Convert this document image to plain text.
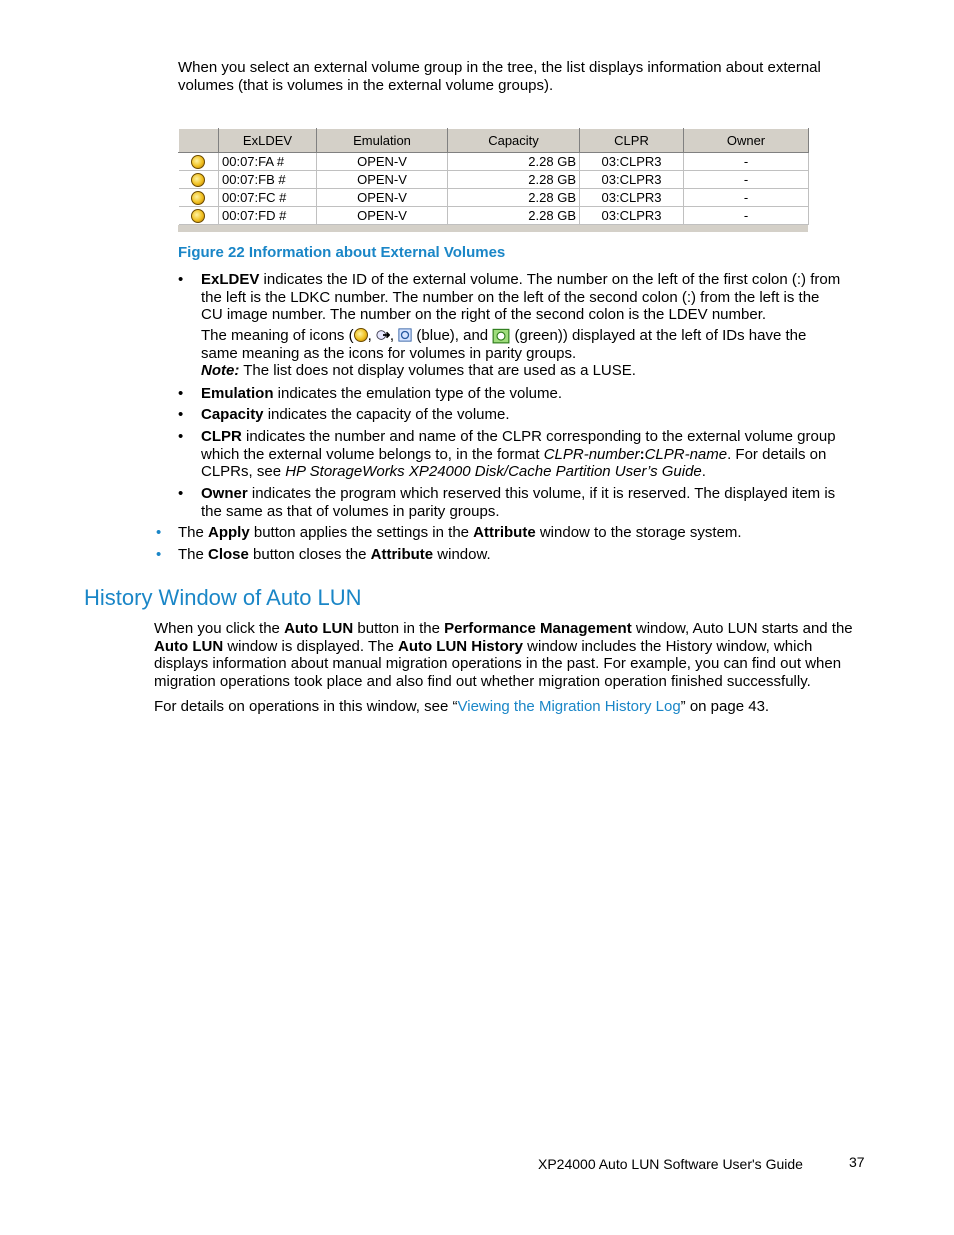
When you select an external volume group in the tree, the list displays information about external volumes (that is volumes in the external volume groups).
	ExLDEV	Emulation	Capacity	CLPR	Owner
	00:07:FA #	OPEN-V	2.28 GB	03:CLPR3	-
	00:07:FB #	OPEN-V	2.28 GB	03:CLPR3	-
	00:07:FC #	OPEN-V	2.28 GB	03:CLPR3	-
	00:07:FD #	OPEN-V	2.28 GB	03:CLPR3	-
Figure 22 Information about External Volumes
•	ExLDEV indicates the ID of the external volume. The number on the left of the first colon (:) from the left is the LDKC number. The number on the left of the second colon (:) from the left is the CU image number. The number on the right of the second colon is the LDEV number.
The meaning of icons ( , ,  (blue), and  (green)) displayed at the left of IDs have the same meaning as the icons for volumes in parity groups.
Note: The list does not display volumes that are used as a LUSE.
•	Emulation indicates the emulation type of the volume.
•	Capacity indicates the capacity of the volume.
•	CLPR indicates the number and name of the CLPR corresponding to the external volume group which the external volume belongs to, in the format CLPR-number:CLPR-name. For details on CLPRs, see HP StorageWorks XP24000 Disk/Cache Partition User’s Guide.
•	Owner indicates the program which reserved this volume, if it is reserved. The displayed item is the same as that of volumes in parity groups.
• The Apply button applies the settings in the Attribute window to the storage system.
• The Close button closes the Attribute window.
History Window of Auto LUN
When you click the Auto LUN button in the Performance Management window, Auto LUN starts and the Auto LUN window is displayed. The Auto LUN History window includes the History window, which displays information about manual migration operations in the past. For example, you can find out when migration operations took place and also find out whether migration operation finished successfully.
For details on operations in this window, see “Viewing the Migration History Log” on page 43.
XP24000 Auto LUN Software User's Guide	37
